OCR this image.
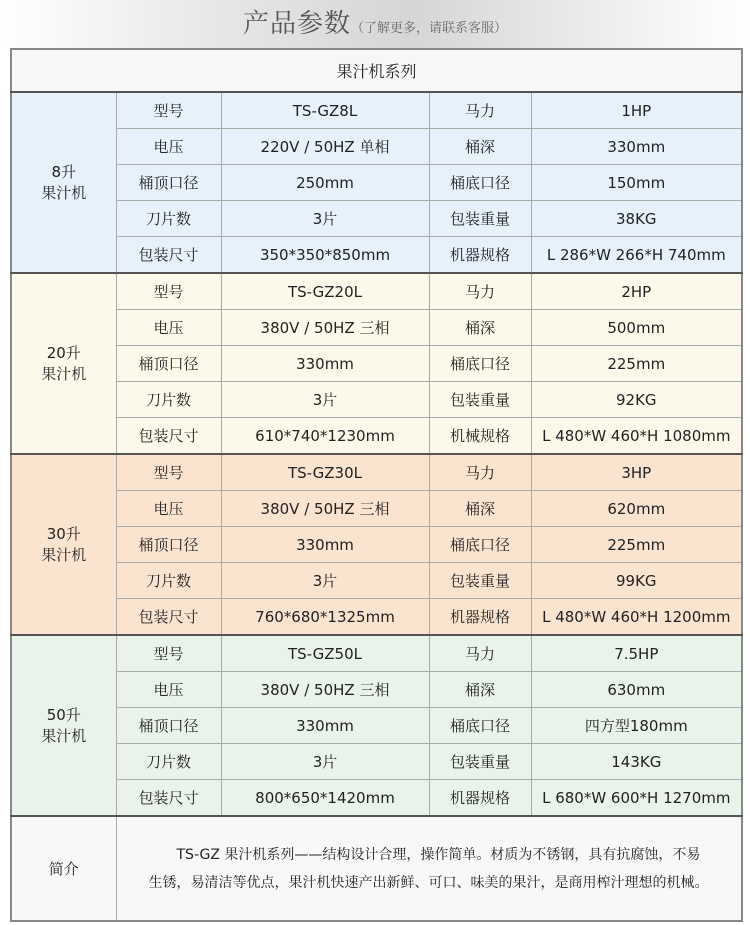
产品参数（了解更多，请联系客服）
果汁机系列				
8升
果汁机	型号	TS-GZ8L	马力	1HP
	电压	220V / 50HZ 单相	桶深	330mm
	桶顶口径	250mm	桶底口径	150mm
	刀片数	3片	包装重量	38KG
	包装尺寸	350*350*850mm	机器规格	L 286*W 266*H 740mm
20升
果汁机	型号	TS-GZ20L	马力	2HP
	电压	380V / 50HZ 三相	桶深	500mm
	桶顶口径	330mm	桶底口径	225mm
	刀片数	3片	包装重量	92KG
	包装尺寸	610*740*1230mm	机械规格	L 480*W 460*H 1080mm
30升
果汁机	型号	TS-GZ30L	马力	3HP
	电压	380V / 50HZ 三相	桶深	620mm
	桶顶口径	330mm	桶底口径	225mm
	刀片数	3片	包装重量	99KG
	包装尺寸	760*680*1325mm	机器规格	L 480*W 460*H 1200mm
50升
果汁机	型号	TS-GZ50L	马力	7.5HP
	电压	380V / 50HZ 三相	桶深	630mm
	桶顶口径	330mm	桶底口径	四方型180mm
	刀片数	3片	包装重量	143KG
	包装尺寸	800*650*1420mm	机器规格	L 680*W 600*H 1270mm
简介	TS-GZ 果汁机系列——结构设计合理，操作简单。材质为不锈钢，具有抗腐蚀，不易生锈，易清洁等优点，果汁机快速产出新鲜、可口、味美的果汁，是商用榨汁理想的机械。			
